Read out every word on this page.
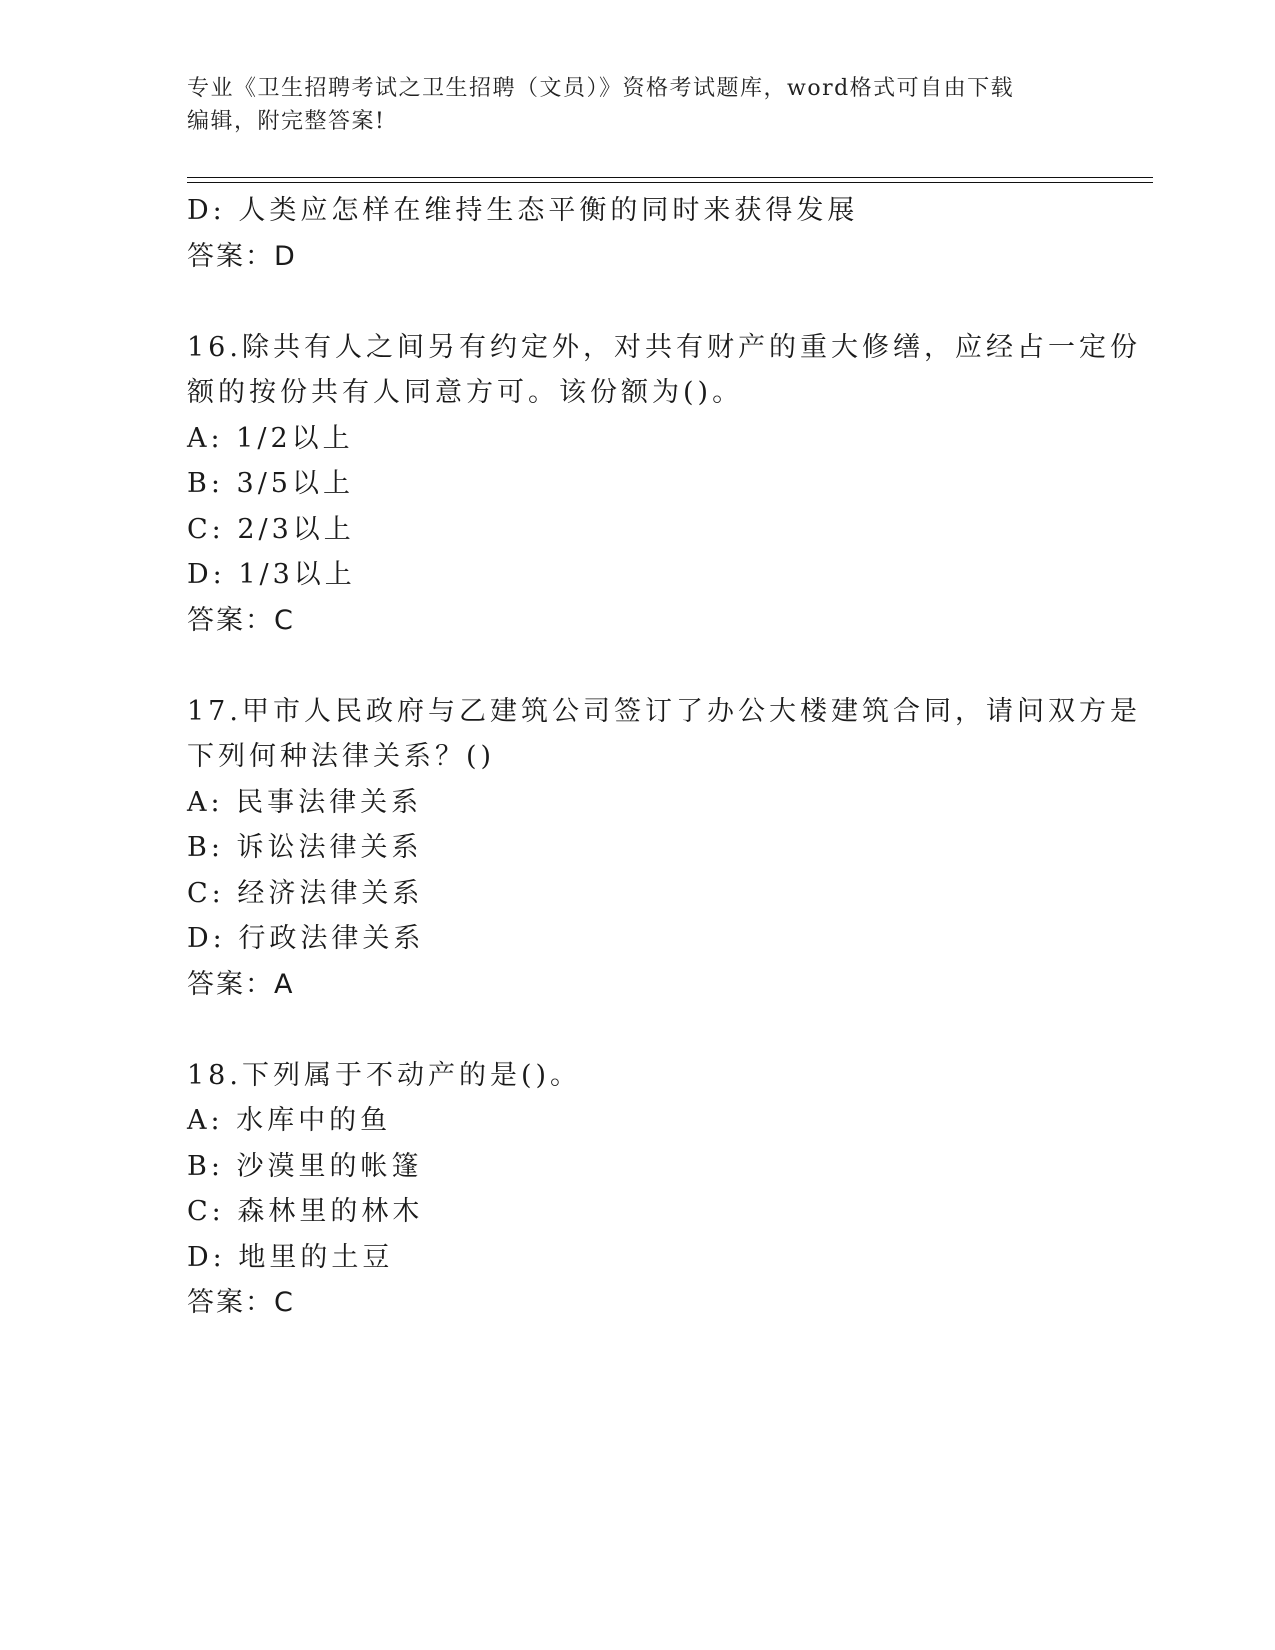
专业《卫生招聘考试之卫生招聘（文员）》资格考试题库，word格式可自由下载
编辑，附完整答案!
D: 人类应怎样在维持生态平衡的同时来获得发展
答案：D
16.除共有人之间另有约定外，对共有财产的重大修缮，应经占一定份
额的按份共有人同意方可。该份额为()。
A: 1/2以上
B: 3/5以上
C: 2/3以上
D: 1/3以上
答案：C
17.甲市人民政府与乙建筑公司签订了办公大楼建筑合同，请问双方是
下列何种法律关系？()
A: 民事法律关系
B: 诉讼法律关系
C: 经济法律关系
D: 行政法律关系
答案：A
18.下列属于不动产的是()。
A: 水库中的鱼
B: 沙漠里的帐篷
C: 森林里的林木
D: 地里的土豆
答案：C
